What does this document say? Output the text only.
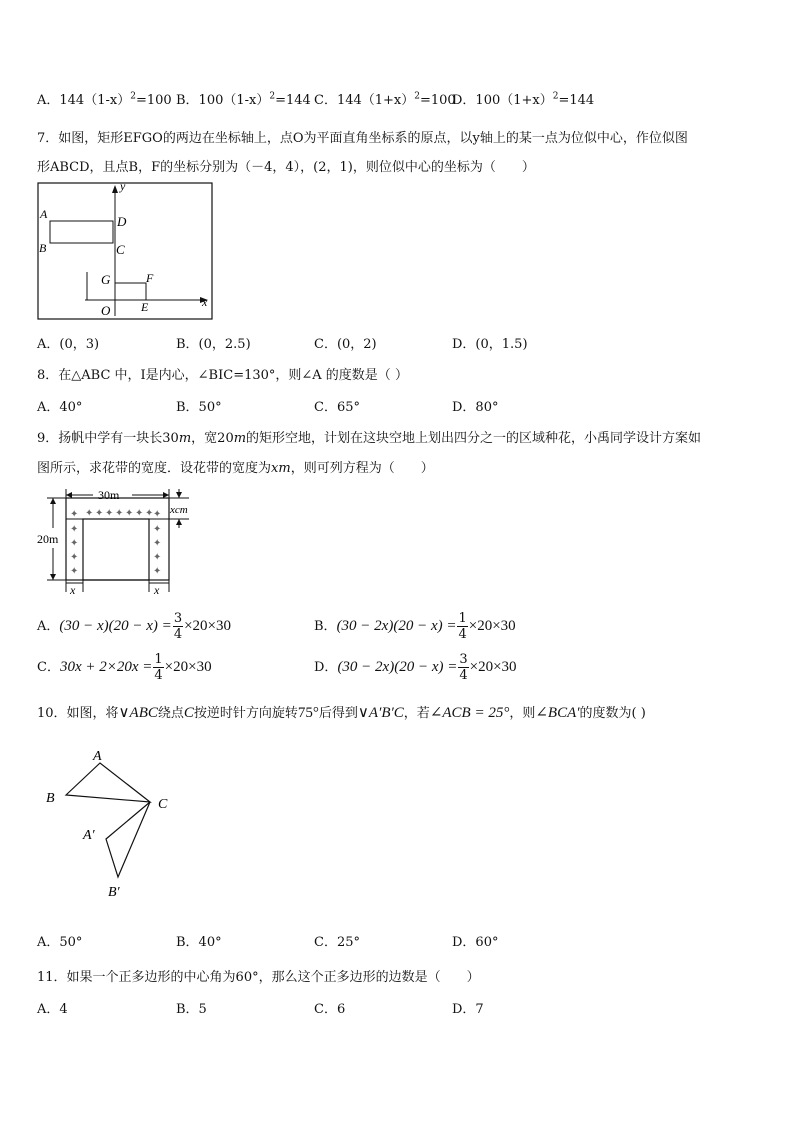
A．$144(1-x)^2=100$ B．$100(1-x)^2=144$ C．$144(1+x)^2=100$
D．$100(1+x)^2=144$
7．如图，矩形EFGO的两边在坐标轴上，点O为平面直角坐标系的原点，以y轴上的某一点为位似中心，作位似图
形ABCD，且点B，F的坐标分别为（－4，4），(2，1)，则位似中心的坐标为（　　）
y
A	D
B	C
G	F
O	E	x
A．(0，3)	B．(0，2.5)	C．(0，2)	D．(0，1.5)
8．在△ABC 中，I是内心，∠BIC=130°，则∠A 的度数是（ ）
A．40°	B．50°	C．65°	D．80°
9．扬帆中学有一块长30m，宽20m的矩形空地，计划在这块空地上划出四分之一的区域种花，小禹同学设计方案如
图所示，求花带的宽度．设花带的宽度为xm，则可列方程为（　　）
✦ ✦ ✦ ✦ ✦ ✦ ✦
✦
✦
✦
✦
✦
✦
✦
✦
✦
✦
30m
20m
xcm
x	x
A．$(30 - x)(20 - x) = \frac{3}{4} \times 20\times 30$	B．$(30 - 2x)(20 - x) = \frac{1}{4} \times 20\times 30$
C．$30x + 2\times 20x = \frac{1}{4} \times 20\times 30$	D．$(30 - 2x)(20 - x) = \frac{3}{4} \times 20\times 30$
10．如图，将∨ABC绕点C按逆时针方向旋转75°后得到∨A′B′C，若∠ACB = 25°，则∠BCA′的度数为( )
A
B	C
A′
B′
A．50°	B．40°	C．25°	D．60°
11．如果一个正多边形的中心角为60°，那么这个正多边形的边数是（　　）
A．4	B．5	C．6	D．7
